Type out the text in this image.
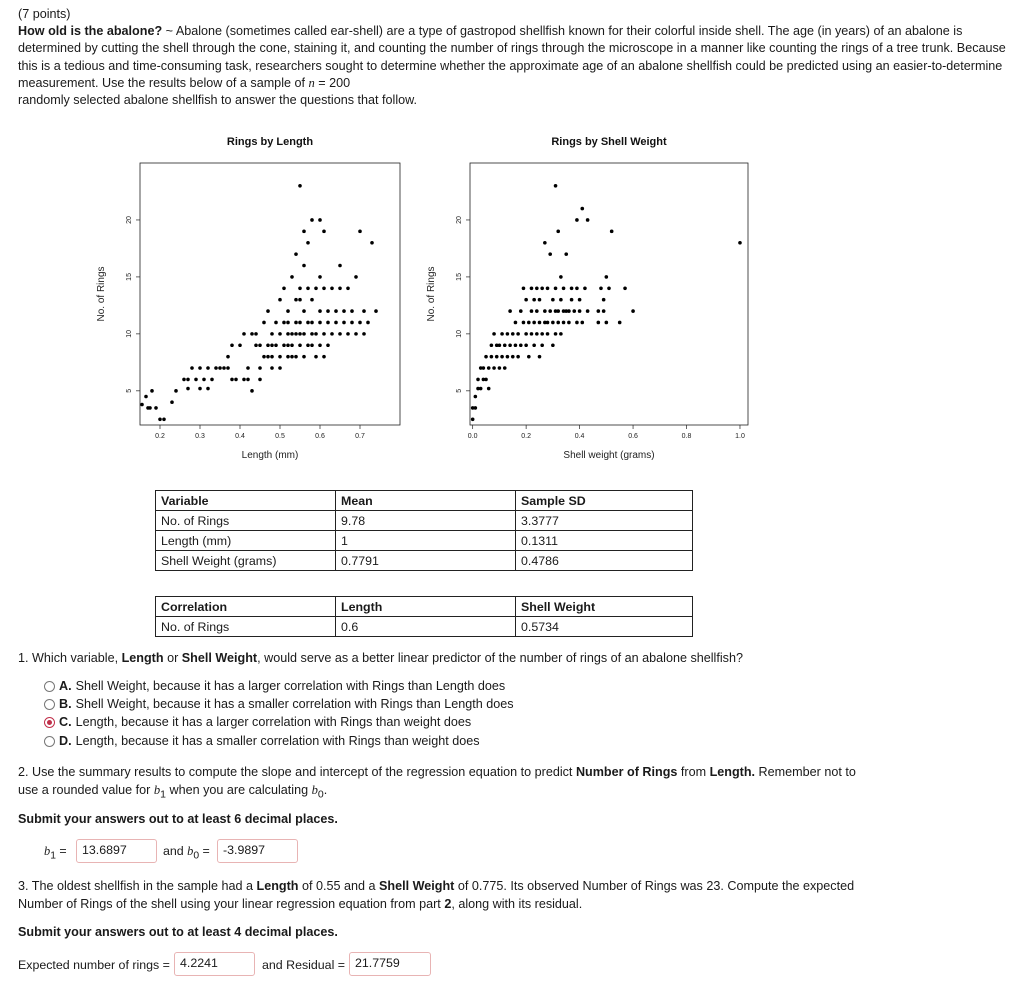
(7 points)
How old is the abalone? ~ Abalone (sometimes called ear-shell) are a type of gastropod shellfish known for their colorful inside shell. The age (in years) of an abalone is determined by cutting the shell through the cone, staining it, and counting the number of rings through the microscope in a manner like counting the rings of a tree trunk. Because this is a tedious and time-consuming task, researchers sought to determine whether the approximate age of an abalone shellfish could be predicted using an easier-to-determine measurement. Use the results below of a sample of n = 200
randomly selected abalone shellfish to answer the questions that follow.
Rings by Length
0.2	0.3	0.4	0.5	0.6	0.7
5
10
15
20
Length (mm)
No. of Rings
Rings by Shell Weight
0.0	0.2	0.4	0.6	0.8	1.0
5
10
15
20
Shell weight (grams)
No. of Rings
Variable	Mean	Sample SD
No. of Rings	9.78	3.3777
Length (mm)	1	0.1311
Shell Weight (grams)	0.7791	0.4786
Correlation	Length	Shell Weight
No. of Rings	0.6	0.5734
1. Which variable, Length or Shell Weight, would serve as a better linear predictor of the number of rings of an abalone shellfish?
A. Shell Weight, because it has a larger correlation with Rings than Length does
B. Shell Weight, because it has a smaller correlation with Rings than Length does
C. Length, because it has a larger correlation with Rings than weight does
D. Length, because it has a smaller correlation with Rings than weight does
2. Use the summary results to compute the slope and intercept of the regression equation to predict Number of Rings from Length. Remember not to
use a rounded value for $b_1$ when you are calculating $b_0$.
Submit your answers out to at least 6 decimal places.
$b_1$ =	13.6897	and $b_0$ =	-3.9897
3. The oldest shellfish in the sample had a Length of 0.55 and a Shell Weight of 0.775. Its observed Number of Rings was 23. Compute the expected
Number of Rings of the shell using your linear regression equation from part 2, along with its residual.
Submit your answers out to at least 4 decimal places.
Expected number of rings = 4.2241	and Residual = 21.7759
